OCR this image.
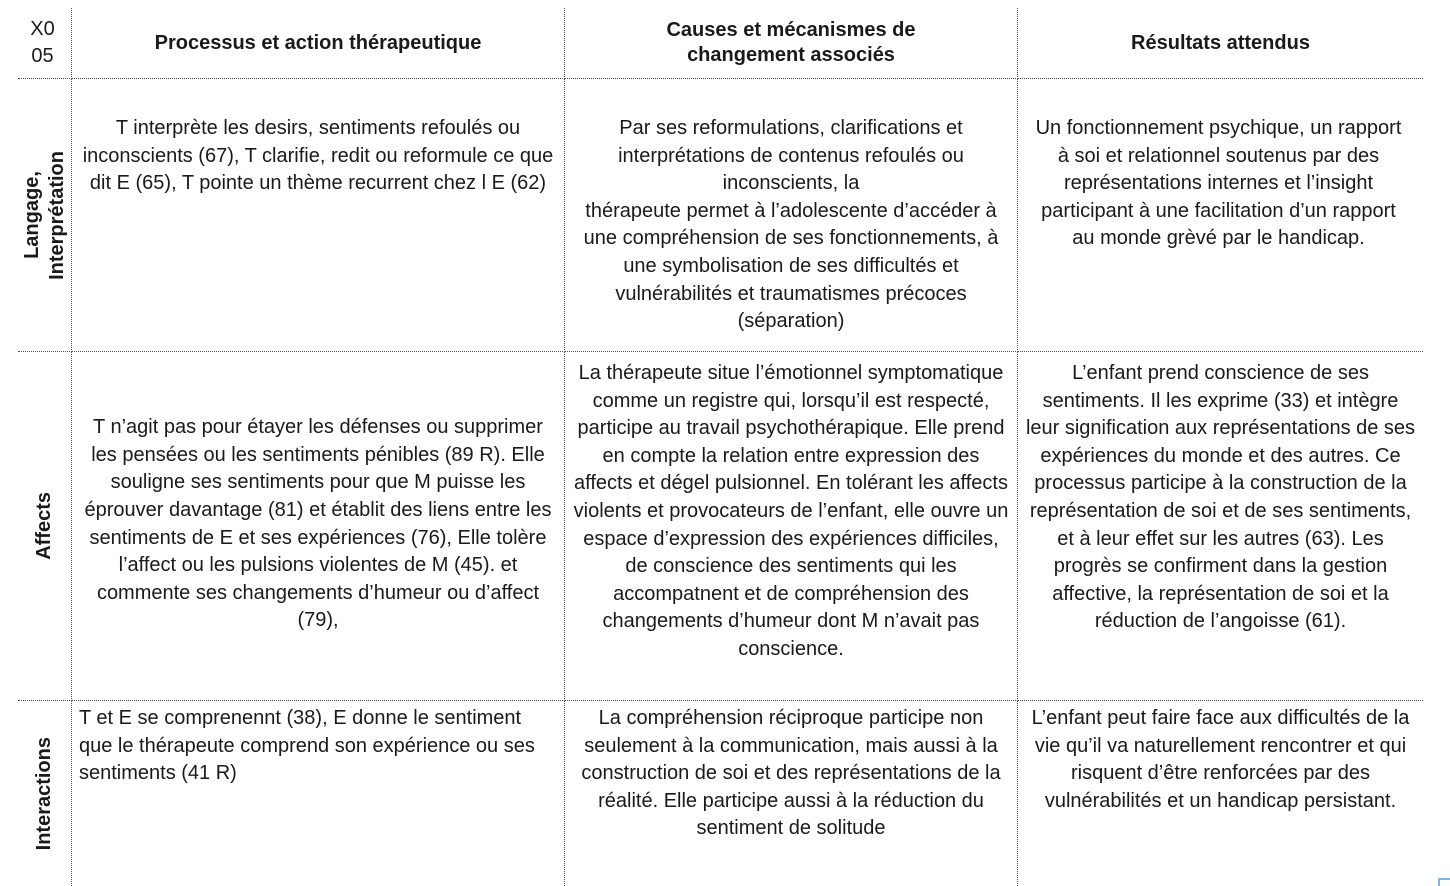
X0
05
Processus et action thérapeutique
Causes et mécanismes de changement associés
Résultats attendus
Langage, Interprétation
T interprète les desirs, sentiments refoulés ou inconscients (67), T clarifie, redit ou reformule ce que dit E (65), T pointe un thème recurrent chez l E (62)
Par ses reformulations, clarifications et interprétations de contenus refoulés ou inconscients, la
thérapeute permet à l’adolescente d’accéder à une compréhension de ses fonctionnements, à une symbolisation de ses difficultés et vulnérabilités et traumatismes précoces (séparation)
Un fonctionnement psychique, un rapport à soi et relationnel soutenus par des représentations internes et l’insight participant à une facilitation d’un rapport au monde grèvé par le handicap.
Affects
T n’agit pas pour étayer les défenses ou supprimer les pensées ou les sentiments pénibles (89 R). Elle souligne ses sentiments pour que M puisse les éprouver davantage (81) et établit des liens entre les sentiments de E et ses expériences (76), Elle tolère l’affect ou les pulsions violentes de M (45). et commente ses changements d’humeur ou d’affect (79),
La thérapeute situe l’émotionnel symptomatique comme un registre qui, lorsqu’il est respecté, participe au travail psychothérapique. Elle prend en compte la relation entre expression des affects et dégel pulsionnel. En tolérant les affects violents et provocateurs de l’enfant, elle ouvre un espace d’expression des expériences difficiles, de conscience des sentiments qui les accompatnent et de compréhension des changements d’humeur dont M n’avait pas conscience.
L’enfant prend conscience de ses sentiments. Il les exprime (33) et intègre leur signification aux représentations de ses expériences du monde et des autres. Ce processus participe à la construction de la représentation de soi et de ses sentiments, et à leur effet sur les autres (63). Les progrès se confirment dans la gestion affective, la représentation de soi et la réduction de l’angoisse (61).
Interactions
T et E se comprenennt (38), E donne le sentiment que le thérapeute comprend son expérience ou ses sentiments (41 R)
La compréhension réciproque participe non seulement à la communication, mais aussi à la construction de soi et des représentations de la réalité. Elle participe aussi à la réduction du sentiment de solitude
L’enfant peut faire face aux difficultés de la vie qu’il va naturellement rencontrer et qui risquent d’être renforcées par des vulnérabilités et un handicap persistant.
